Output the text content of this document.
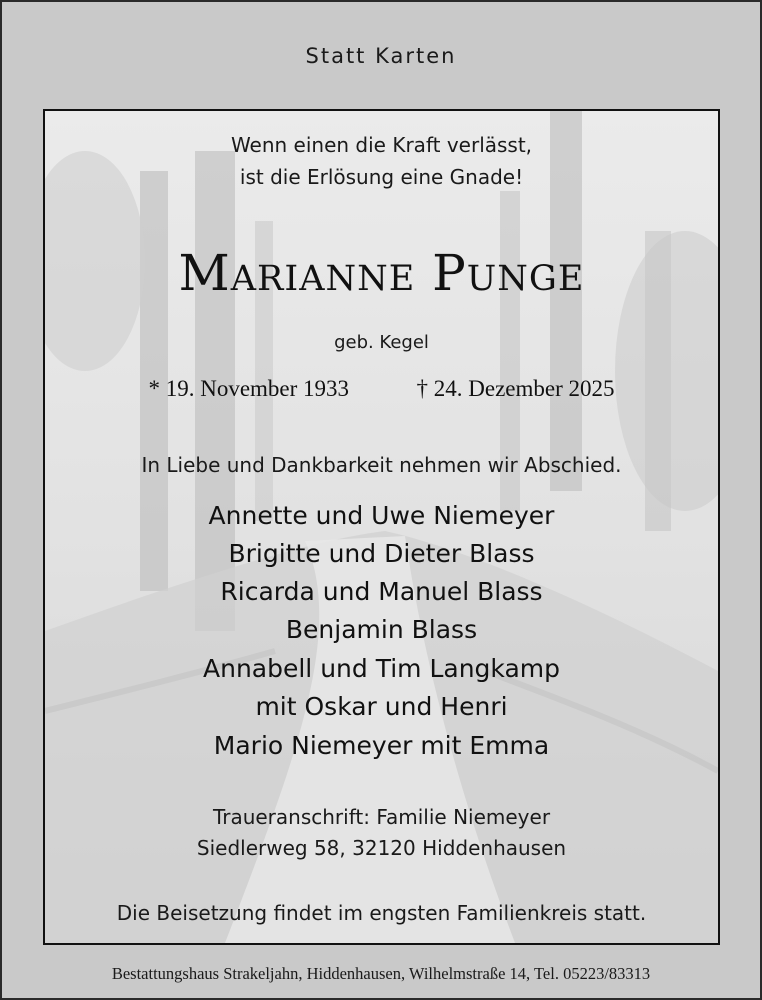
Statt Karten
Wenn einen die Kraft verlässt,
ist die Erlösung eine Gnade!
Marianne Punge
geb. Kegel
* 19. November 1933	† 24. Dezember 2025
In Liebe und Dankbarkeit nehmen wir Abschied.
Annette und Uwe Niemeyer
Brigitte und Dieter Blass
Ricarda und Manuel Blass
Benjamin Blass
Annabell und Tim Langkamp
mit Oskar und Henri
Mario Niemeyer mit Emma
Traueranschrift: Familie Niemeyer
Siedlerweg 58, 32120 Hiddenhausen
Die Beisetzung findet im engsten Familienkreis statt.
Bestattungshaus Strakeljahn, Hiddenhausen, Wilhelmstraße 14, Tel. 05223/83313
